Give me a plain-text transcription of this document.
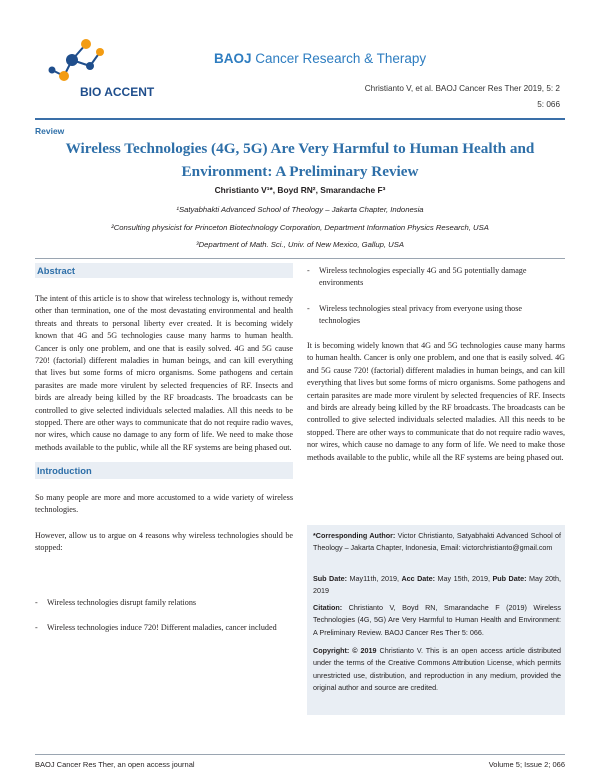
BIO ACCENT
BAOJ Cancer Research & Therapy
Christianto V, et al. BAOJ Cancer Res Ther 2019, 5: 2
5: 066
Review
Wireless Technologies (4G, 5G) Are Very Harmful to Human Health and Environment: A Preliminary Review
Christianto V¹*, Boyd RN², Smarandache F³
¹Satyabhakti Advanced School of Theology – Jakarta Chapter, Indonesia
²Consulting physicist for Princeton Biotechnology Corporation, Department Information Physics Research, USA
³Department of Math. Sci., Univ. of New Mexico, Gallup, USA
Abstract
The intent of this article is to show that wireless technology is, without remedy other than termination, one of the most devastating environmental and health threats and threats to personal liberty ever created. It is becoming widely known that 4G and 5G technologies cause many harms to human health. Cancer is only one problem, and one that is easily solved. 4G and 5G cause 720! (factorial) different maladies in human beings, and can kill everything that lives but some forms of micro organisms. Some pathogens and certain parasites are made more virulent by selected frequencies of RF. Insects and birds are already being killed by the RF broadcasts. The broadcasts can be controlled to give selected individuals selected maladies. All this needs to be stopped. There are other ways to communicate that do not require radio waves, nor wires, which cause no damage to any form of life. We need to make those methods available to the public, while all the RF systems are being phased out.
Introduction
So many people are more and more accustomed to a wide variety of wireless technologies.
However, allow us to argue on 4 reasons why wireless technologies should be stopped:
- Wireless technologies disrupt family relations
- Wireless technologies induce 720! Different maladies, cancer included
- Wireless technologies especially 4G and 5G potentially damage environments
- Wireless technologies steal privacy from everyone using those technologies
It is becoming widely known that 4G and 5G technologies cause many harms to human health. Cancer is only one problem, and one that is easily solved. 4G and 5G cause 720! (factorial) different maladies in human beings, and can kill everything that lives but some forms of micro organisms. Some pathogens and certain parasites are made more virulent by selected frequencies of RF. Insects and birds are already being killed by the RF broadcasts. The broadcasts can be controlled to give selected individuals selected maladies. All this needs to be stopped. There are other ways to communicate that do not require radio waves, nor wires, which cause no damage to any form of life. We need to make those methods available to the public, while all the RF systems are being phased out.
*Corresponding Author: Victor Christianto, Satyabhakti Advanced School of Theology – Jakarta Chapter, Indonesia, Email: victorchristianto@gmail.com
Sub Date: May11th, 2019, Acc Date: May 15th, 2019, Pub Date: May 20th, 2019
Citation: Christianto V, Boyd RN, Smarandache F (2019) Wireless Technologies (4G, 5G) Are Very Harmful to Human Health and Environment: A Preliminary Review. BAOJ Cancer Res Ther 5: 066.
Copyright: © 2019 Christianto V. This is an open access article distributed under the terms of the Creative Commons Attribution License, which permits unrestricted use, distribution, and reproduction in any medium, provided the original author and source are credited.
BAOJ Cancer Res Ther, an open access journal	Volume 5; Issue 2; 066
